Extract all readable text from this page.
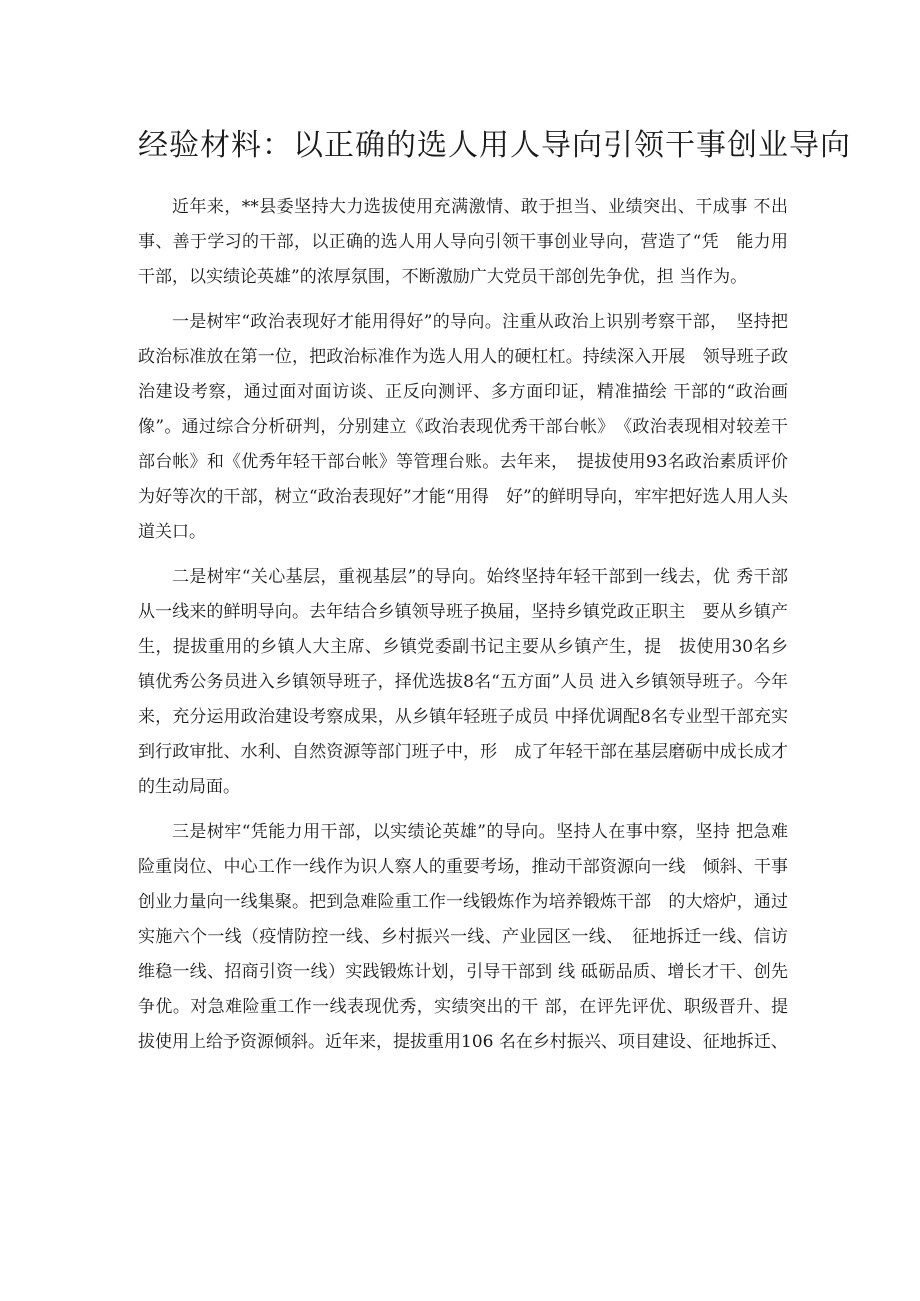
经验材料：以正确的选人用人导向引领干事创业导向

近年来，**县委坚持大力选拔使用充满激情、敢于担当、业绩突出、干成事 不出事、善于学习的干部，以正确的选人用人导向引领干事创业导向，营造了“凭　能力用干部，以实绩论英雄”的浓厚氛围，不断激励广大党员干部创先争优，担 当作为。

一是树牢“政治表现好才能用得好”的导向。注重从政治上识别考察干部，　坚持把政治标准放在第一位，把政治标准作为选人用人的硬杠杠。持续深入开展　领导班子政治建设考察，通过面对面访谈、正反向测评、多方面印证，精准描绘 干部的“政治画像”。通过综合分析研判，分别建立《政治表现优秀干部台帐》　《政治表现相对较差干部台帐》和《优秀年轻干部台帐》等管理台账。去年来，　提拔使用93名政治素质评价为好等次的干部，树立“政治表现好”才能“用得　好”的鲜明导向，牢牢把好选人用人头道关口。

二是树牢“关心基层，重视基层”的导向。始终坚持年轻干部到一线去，优 秀干部从一线来的鲜明导向。去年结合乡镇领导班子换届，坚持乡镇党政正职主　要从乡镇产生，提拔重用的乡镇人大主席、乡镇党委副书记主要从乡镇产生，提　拔使用30名乡镇优秀公务员进入乡镇领导班子，择优选拔8名“五方面”人员 进入乡镇领导班子。今年来，充分运用政治建设考察成果，从乡镇年轻班子成员 中择优调配8名专业型干部充实到行政审批、水利、自然资源等部门班子中，形　成了年轻干部在基层磨砺中成长成才的生动局面。

三是树牢“凭能力用干部，以实绩论英雄”的导向。坚持人在事中察，坚持 把急难险重岗位、中心工作一线作为识人察人的重要考场，推动干部资源向一线　倾斜、干事创业力量向一线集聚。把到急难险重工作一线锻炼作为培养锻炼干部　的大熔炉，通过实施六个一线（疫情防控一线、乡村振兴一线、产业园区一线、　征地拆迁一线、信访维稳一线、招商引资一线）实践锻炼计划，引导干部到 线 砥砺品质、增长才干、创先争优。对急难险重工作一线表现优秀，实绩突出的干 部，在评先评优、职级晋升、提拔使用上给予资源倾斜。近年来，提拔重用106 名在乡村振兴、项目建设、征地拆迁、
